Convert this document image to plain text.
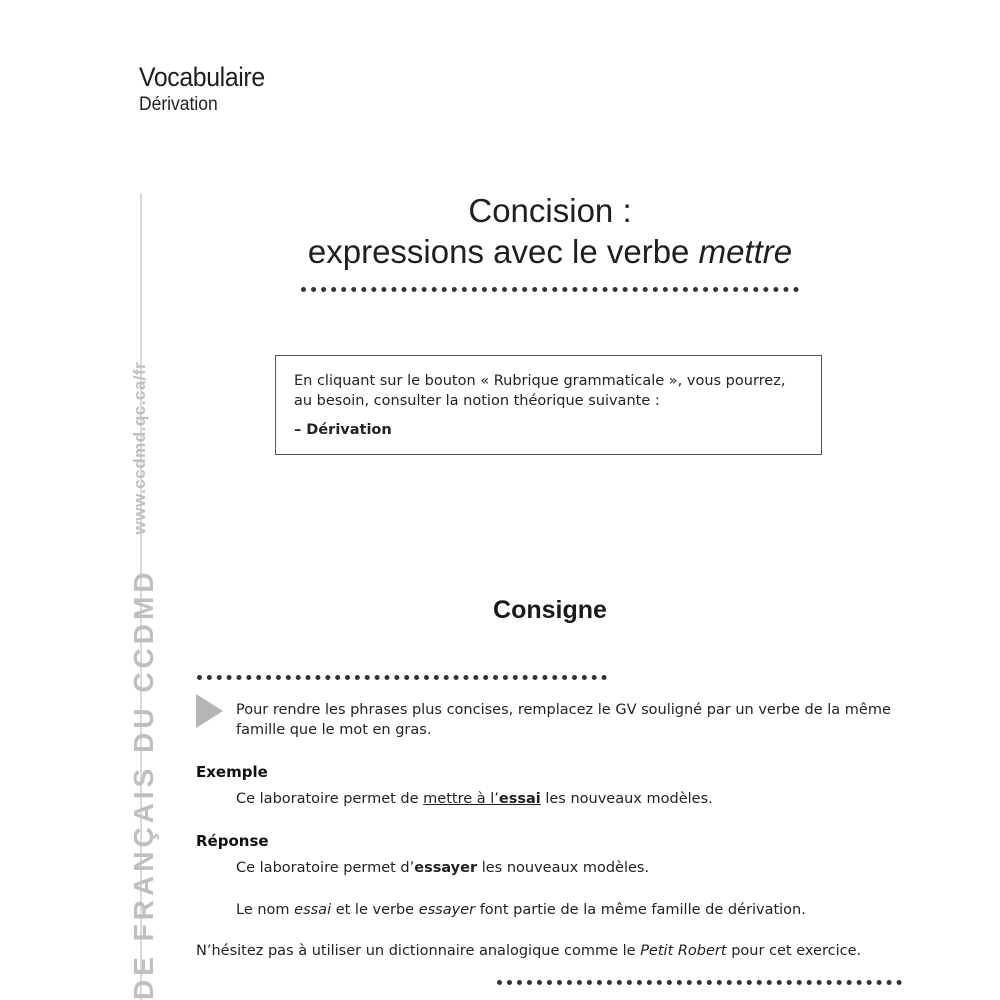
Vocabulaire
Dérivation
DE FRANÇAIS DU CCDMDwww.ccdmd.qc.ca/fr
Concision :
expressions avec le verbe mettre
En cliquant sur le bouton « Rubrique grammaticale », vous pourrez, au besoin, consulter la notion théorique suivante :
– Dérivation
Consigne
Pour rendre les phrases plus concises, remplacez le GV souligné par un verbe de la même famille que le mot en gras.
Exemple
Ce laboratoire permet de mettre à l’essai les nouveaux modèles.
Réponse
Ce laboratoire permet d’essayer les nouveaux modèles.
Le nom essai et le verbe essayer font partie de la même famille de dérivation.
N’hésitez pas à utiliser un dictionnaire analogique comme le Petit Robert pour cet exercice.
